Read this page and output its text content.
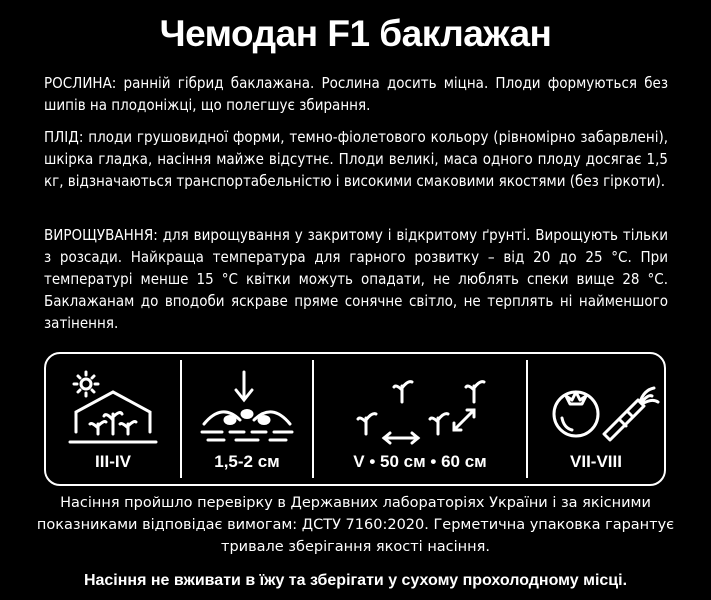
Чемодан F1 баклажан

РОСЛИНА: ранній гібрид баклажана. Рослина досить міцна. Плоди формуються без шипів на плодоніжці, що полегшує збирання.

ПЛІД: плоди грушовидної форми, темно-фіолетового кольору (рівномірно забарвлені), шкірка гладка, насіння майже відсутнє. Плоди великі, маса одного плоду досягає 1,5 кг, відзначаються транспортабельністю і високими смаковими якостями (без гіркоти).

ВИРОЩУВАННЯ: для вирощування у закритому і відкритому ґрунті. Вирощують тільки з розсади. Найкраща температура для гарного розвитку – від 20 до 25 °С. При температурі менше 15 °С квітки можуть опадати, не люблять спеки вище 28 °С. Баклажанам до вподоби яскраве пряме сонячне світло, не терплять ні найменшого затінення.

III-IV	1,5-2 см	V • 50 см • 60 см	VII-VIII

Насіння пройшло перевірку в Державних лабораторіях України і за якісними показниками відповідає вимогам: ДСТУ 7160:2020. Герметична упаковка гарантує тривале зберігання якості насіння.

Насіння не вживати в їжу та зберігати у сухому прохолодному місці.
